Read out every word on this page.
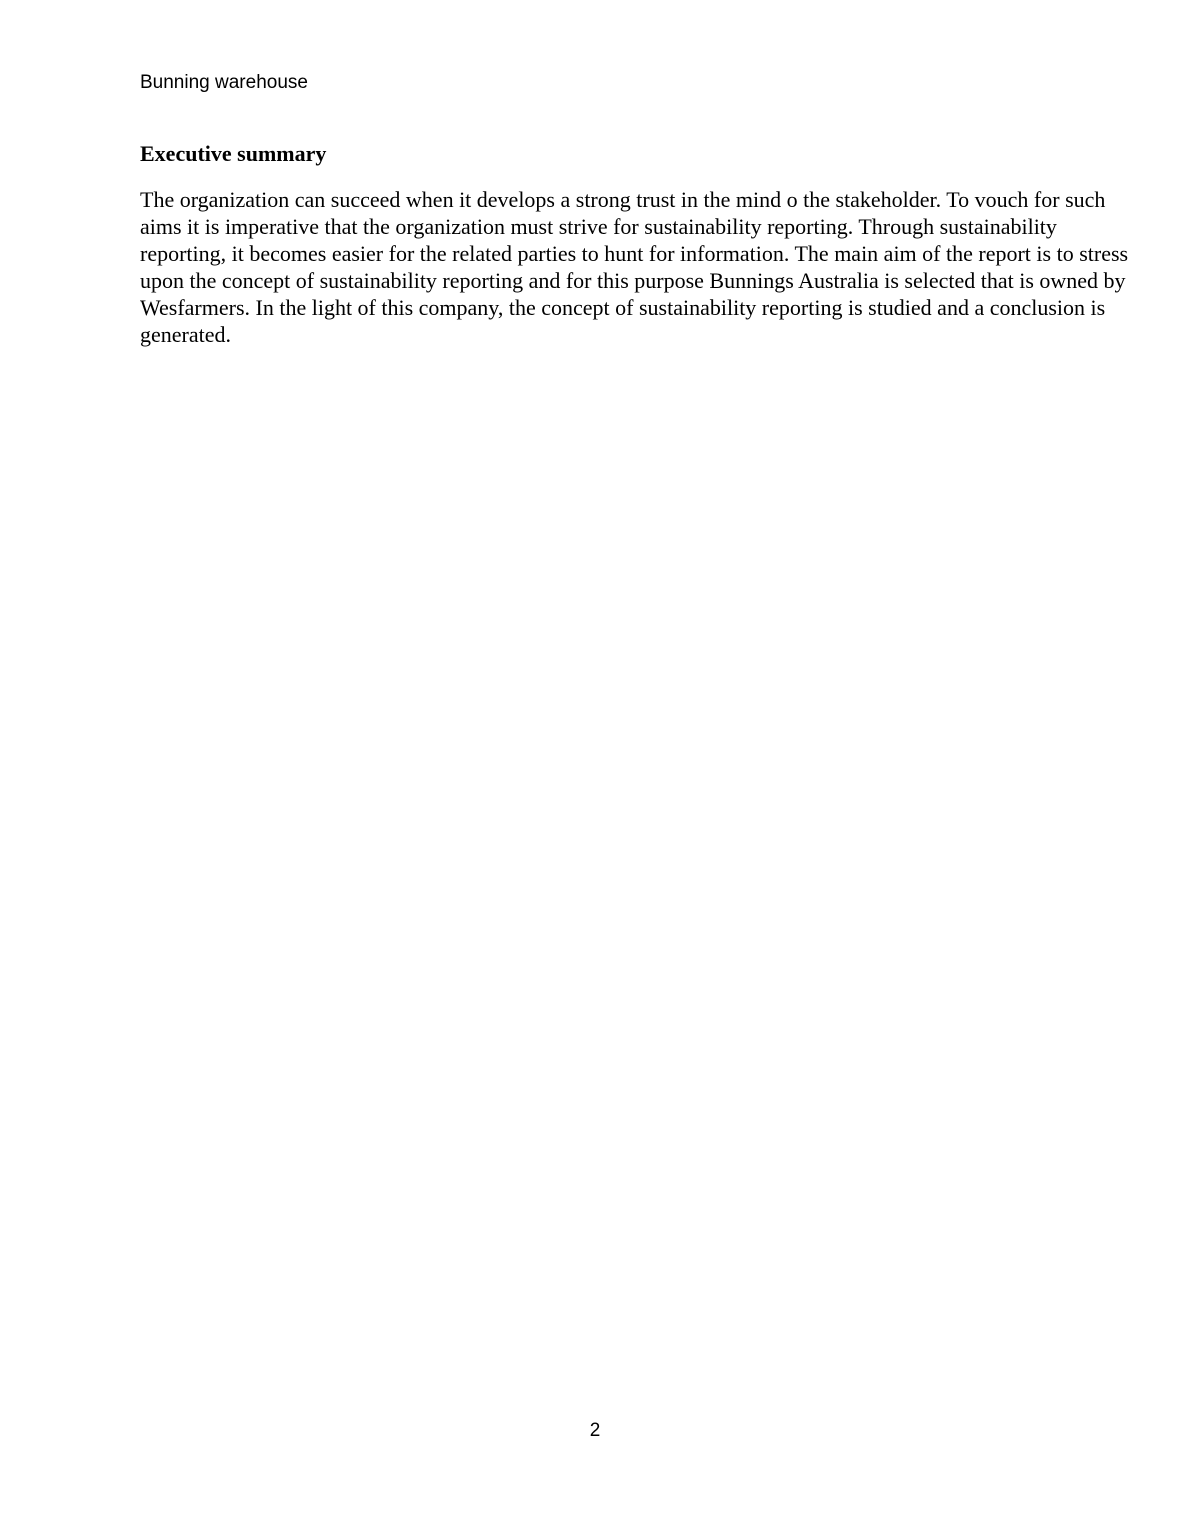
Bunning warehouse
Executive summary

The organization can succeed when it develops a strong trust in the mind o the stakeholder. To vouch for such aims it is imperative that the organization must strive for sustainability reporting. Through sustainability reporting, it becomes easier for the related parties to hunt for information. The main aim of the report is to stress upon the concept of sustainability reporting and for this purpose Bunnings Australia is selected that is owned by Wesfarmers. In the light of this company, the concept of sustainability reporting is studied and a conclusion is generated.

2
